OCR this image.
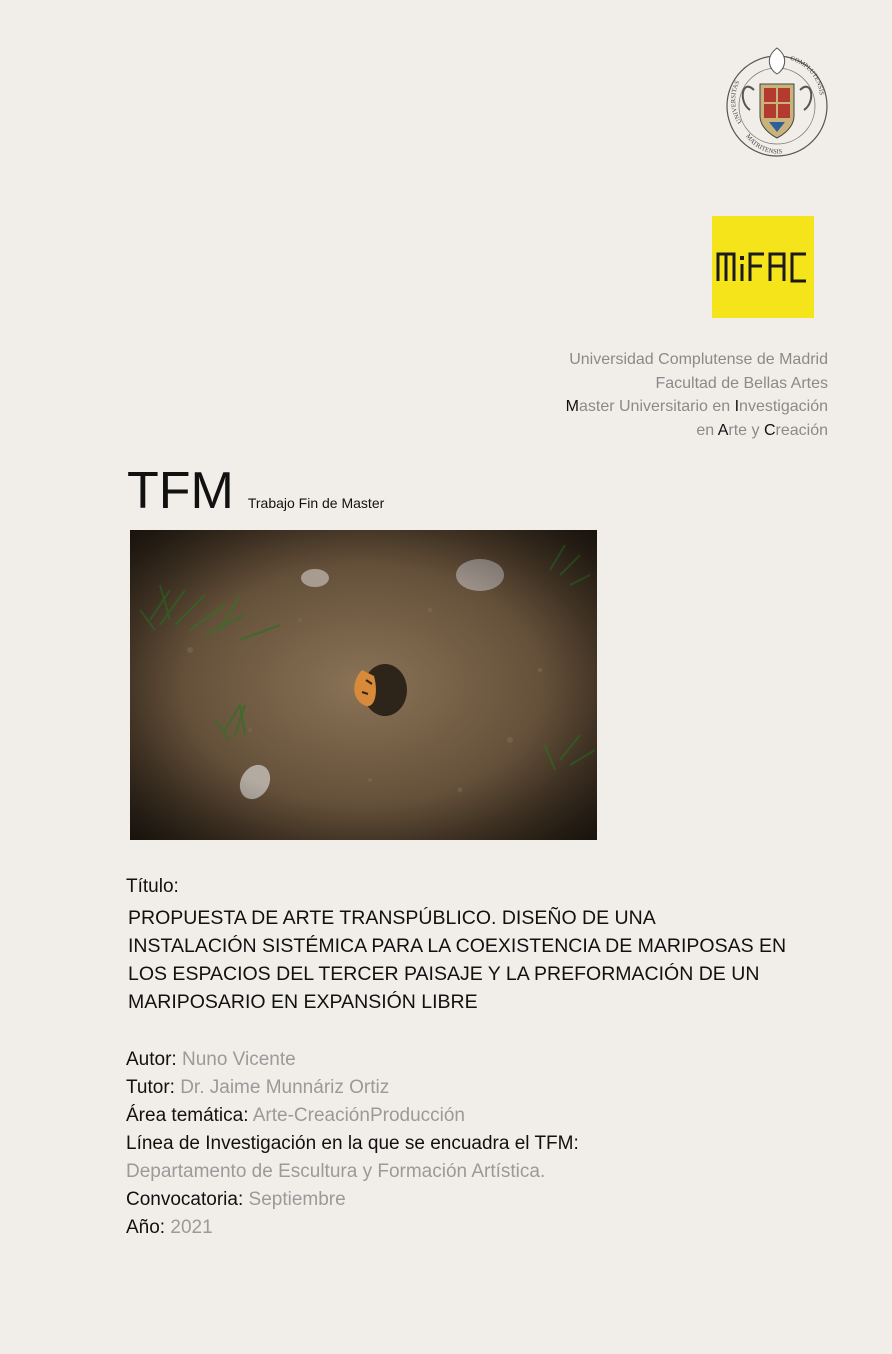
UNIVERSITAS
COMPLUTENSIS
MATRITENSIS
Universidad Complutense de Madrid
Facultad de Bellas Artes
Master Universitario en Investigación
en Arte y Creación
TFM Trabajo Fin de Master
Título:
PROPUESTA DE ARTE TRANSPÚBLICO. DISEÑO DE UNA INSTALACIÓN SISTÉMICA PARA LA COEXISTENCIA DE MARIPOSAS EN LOS ESPACIOS DEL TERCER PAISAJE Y LA PREFORMACIÓN DE UN MARIPOSARIO EN EXPANSIÓN LIBRE
Autor: Nuno Vicente
Tutor: Dr. Jaime Munnáriz Ortiz
Área temática: Arte-CreaciónProducción
Línea de Investigación en la que se encuadra el TFM:
Departamento de Escultura y Formación Artística.
Convocatoria: Septiembre
Año: 2021
